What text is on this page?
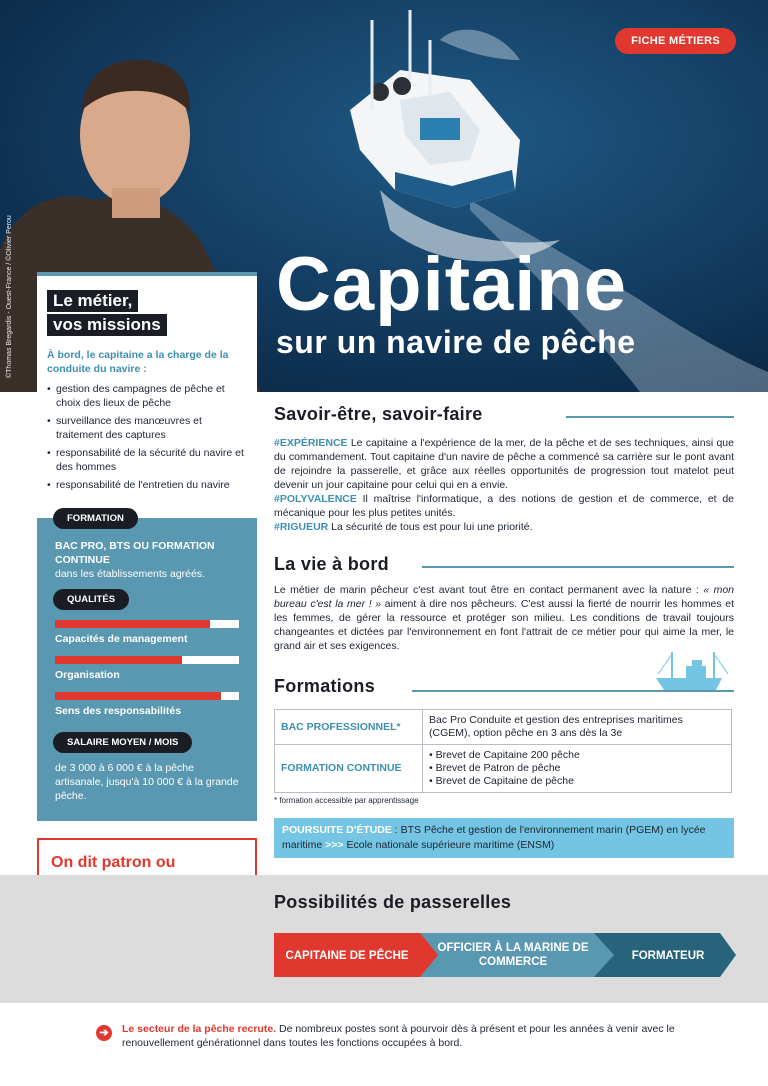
FICHE MÉTIERS
©Thomas Bregardis - Ouest-France / ©Olivier Perou	Capitaine
sur un navire de pêche
Le métier,
vos missions

À bord, le capitaine a la charge de la conduite du navire :

• gestion des campagnes de pêche et choix des lieux de pêche
• surveillance des manœuvres et traitement des captures
• responsabilité de la sécurité du navire et des hommes
• responsabilité de l'entretien du navire
FORMATION

BAC PRO, BTS OU FORMATION CONTINUE

dans les établissements agréés.

QUALITÉS
Capacités de management
Organisation
Sens des responsabilités
SALAIRE MOYEN / MOIS

de 3 000 à 6 000 € à la pêche artisanale, jusqu'à 10 000 € à la grande pêche.

On dit patron ou

Savoir-être, savoir-faire
#EXPÉRIENCE Le capitaine a l'expérience de la mer, de la pêche et de ses techniques, ainsi que du commandement. Tout capitaine d'un navire de pêche a commencé sa carrière sur le pont avant de rejoindre la passerelle, et grâce aux réelles opportunités de progression tout matelot peut devenir un jour capitaine pour celui qui en a envie.
#POLYVALENCE Il maîtrise l'informatique, a des notions de gestion et de commerce, et de mécanique pour les plus petites unités.
#RIGUEUR La sécurité de tous est pour lui une priorité.
La vie à bord
Le métier de marin pêcheur c'est avant tout être en contact permanent avec la nature : « mon bureau c'est la mer ! » aiment à dire nos pêcheurs. C'est aussi la fierté de nourrir les hommes et les femmes, de gérer la ressource et protéger son milieu. Les conditions de travail toujours changeantes et dictées par l'environnement en font l'attrait de ce métier pour qui aime la mer, le grand air et ses exigences.
Formations
BAC PROFESSIONNEL*	Bac Pro Conduite et gestion des entreprises maritimes (CGEM), option pêche en 3 ans dès la 3e
FORMATION CONTINUE	• Brevet de Capitaine 200 pêche
• Brevet de Patron de pêche
• Brevet de Capitaine de pêche
* formation accessible par apprentissage
POURSUITE D'ÉTUDE : BTS Pêche et gestion de l'environnement marin (PGEM) en lycée maritime >>> Ecole nationale supérieure maritime (ENSM)
Possibilités de passerelles
CAPITAINE DE PÊCHE
OFFICIER À LA MARINE DE COMMERCE	FORMATEUR
➔	Le secteur de la pêche recrute. De nombreux postes sont à pourvoir dès à présent et pour les années à venir avec le renouvellement générationnel dans toutes les fonctions occupées à bord.
